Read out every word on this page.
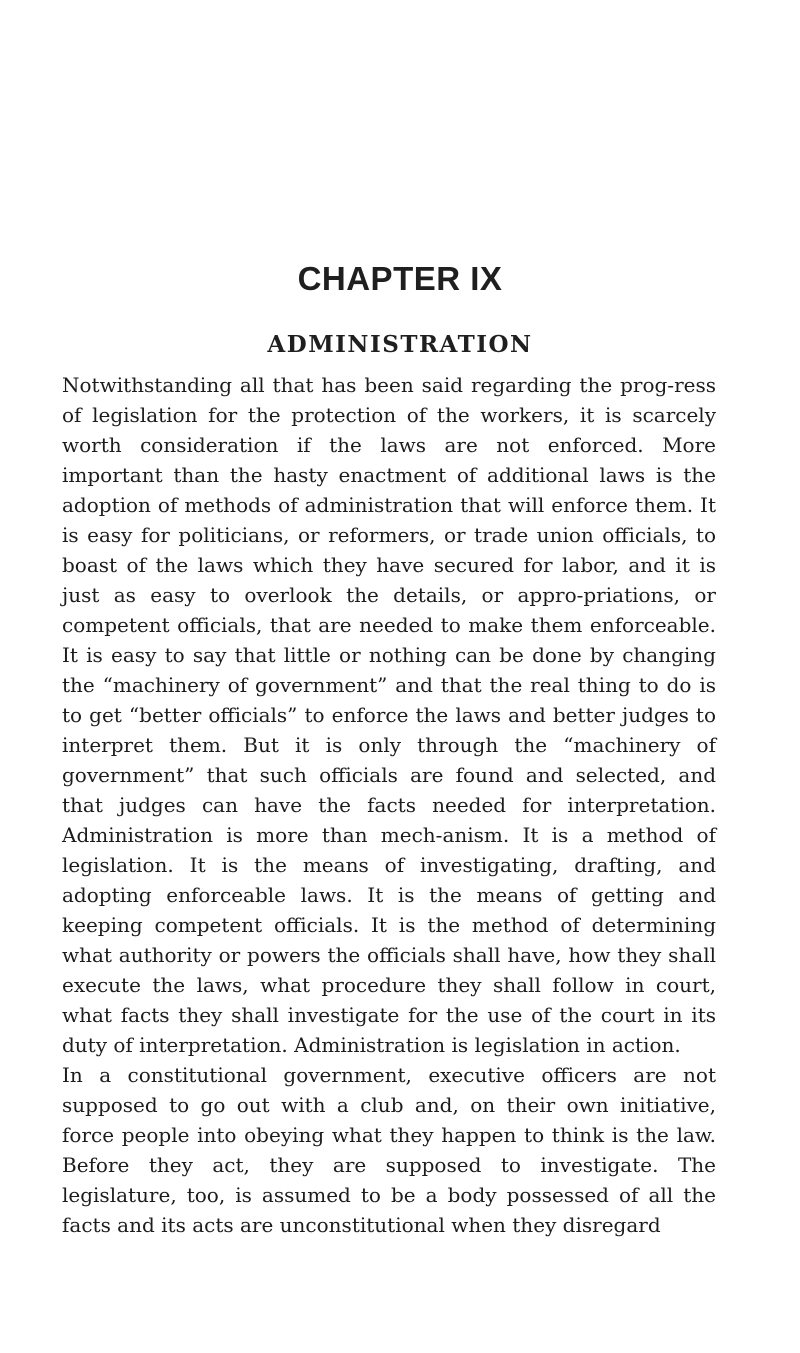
CHAPTER IX
ADMINISTRATION

Notwithstanding all that has been said regarding the prog-ress of legislation for the protection of the workers, it is scarcely worth consideration if the laws are not enforced. More important than the hasty enactment of additional laws is the adoption of methods of administration that will enforce them. It is easy for politicians, or reformers, or trade union officials, to boast of the laws which they have secured for labor, and it is just as easy to overlook the details, or appro-priations, or competent officials, that are needed to make them enforceable. It is easy to say that little or nothing can be done by changing the “machinery of government” and that the real thing to do is to get “better officials” to enforce the laws and better judges to interpret them. But it is only through the “machinery of government” that such officials are found and selected, and that judges can have the facts needed for interpretation. Administration is more than mech-anism. It is a method of legislation. It is the means of investigating, drafting, and adopting enforceable laws. It is the means of getting and keeping competent officials. It is the method of determining what authority or powers the officials shall have, how they shall execute the laws, what procedure they shall follow in court, what facts they shall investigate for the use of the court in its duty of interpretation. Administration is legislation in action.

In a constitutional government, executive officers are not supposed to go out with a club and, on their own initiative, force people into obeying what they happen to think is the law. Before they act, they are supposed to investigate. The legislature, too, is assumed to be a body possessed of all the facts and its acts are unconstitutional when they disregard
